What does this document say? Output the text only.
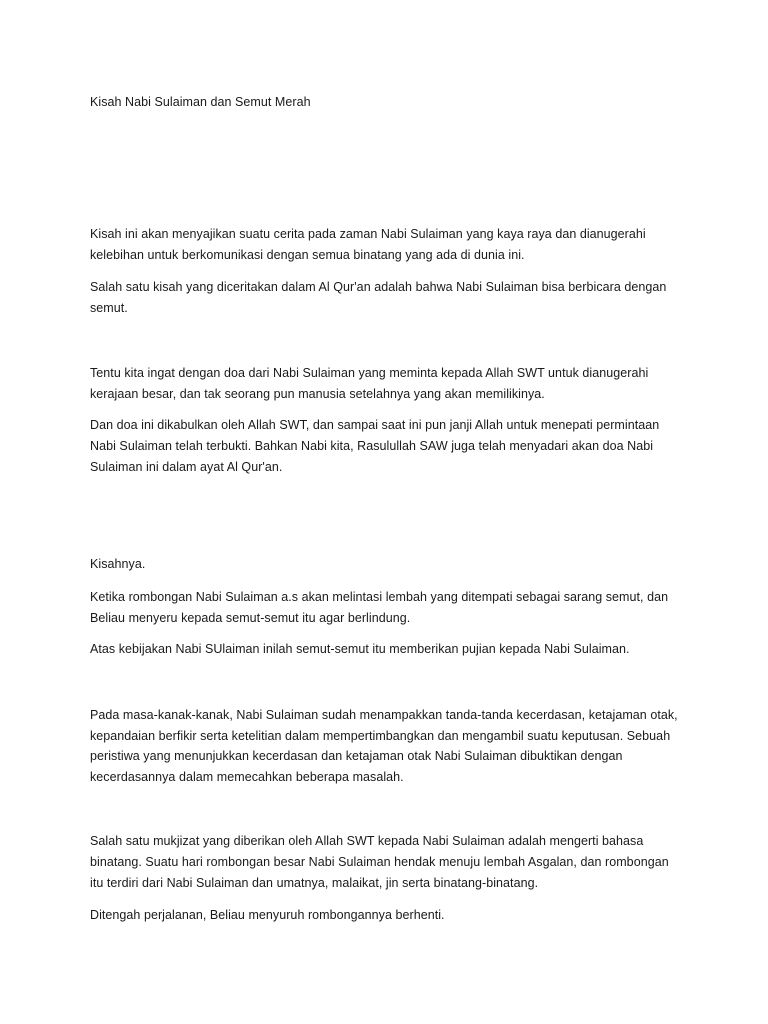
Kisah Nabi Sulaiman dan Semut Merah
Kisah ini akan menyajikan suatu cerita pada zaman Nabi Sulaiman yang kaya raya dan dianugerahi
kelebihan untuk berkomunikasi dengan semua binatang yang ada di dunia ini.
Salah satu kisah yang diceritakan dalam Al Qur'an adalah bahwa Nabi Sulaiman bisa berbicara dengan
semut.
Tentu kita ingat dengan doa dari Nabi Sulaiman yang meminta kepada Allah SWT untuk dianugerahi
kerajaan besar, dan tak seorang pun manusia setelahnya yang akan memilikinya.
Dan doa ini dikabulkan oleh Allah SWT, dan sampai saat ini pun janji Allah untuk menepati permintaan
Nabi Sulaiman telah terbukti. Bahkan Nabi kita, Rasulullah SAW juga telah menyadari akan doa Nabi
Sulaiman ini dalam ayat Al Qur'an.
Kisahnya.
Ketika rombongan Nabi Sulaiman a.s akan melintasi lembah yang ditempati sebagai sarang semut, dan
Beliau menyeru kepada semut-semut itu agar berlindung.
Atas kebijakan Nabi SUlaiman inilah semut-semut itu memberikan pujian kepada Nabi Sulaiman.
Pada masa-kanak-kanak, Nabi Sulaiman sudah menampakkan tanda-tanda kecerdasan, ketajaman otak,
kepandaian berfikir serta ketelitian dalam mempertimbangkan dan mengambil suatu keputusan. Sebuah
peristiwa yang menunjukkan kecerdasan dan ketajaman otak Nabi Sulaiman dibuktikan dengan
kecerdasannya dalam memecahkan beberapa masalah.
Salah satu mukjizat yang diberikan oleh Allah SWT kepada Nabi Sulaiman adalah mengerti bahasa
binatang. Suatu hari rombongan besar Nabi Sulaiman hendak menuju lembah Asgalan, dan rombongan
itu terdiri dari Nabi Sulaiman dan umatnya, malaikat, jin serta binatang-binatang.
Ditengah perjalanan, Beliau menyuruh rombongannya berhenti.
